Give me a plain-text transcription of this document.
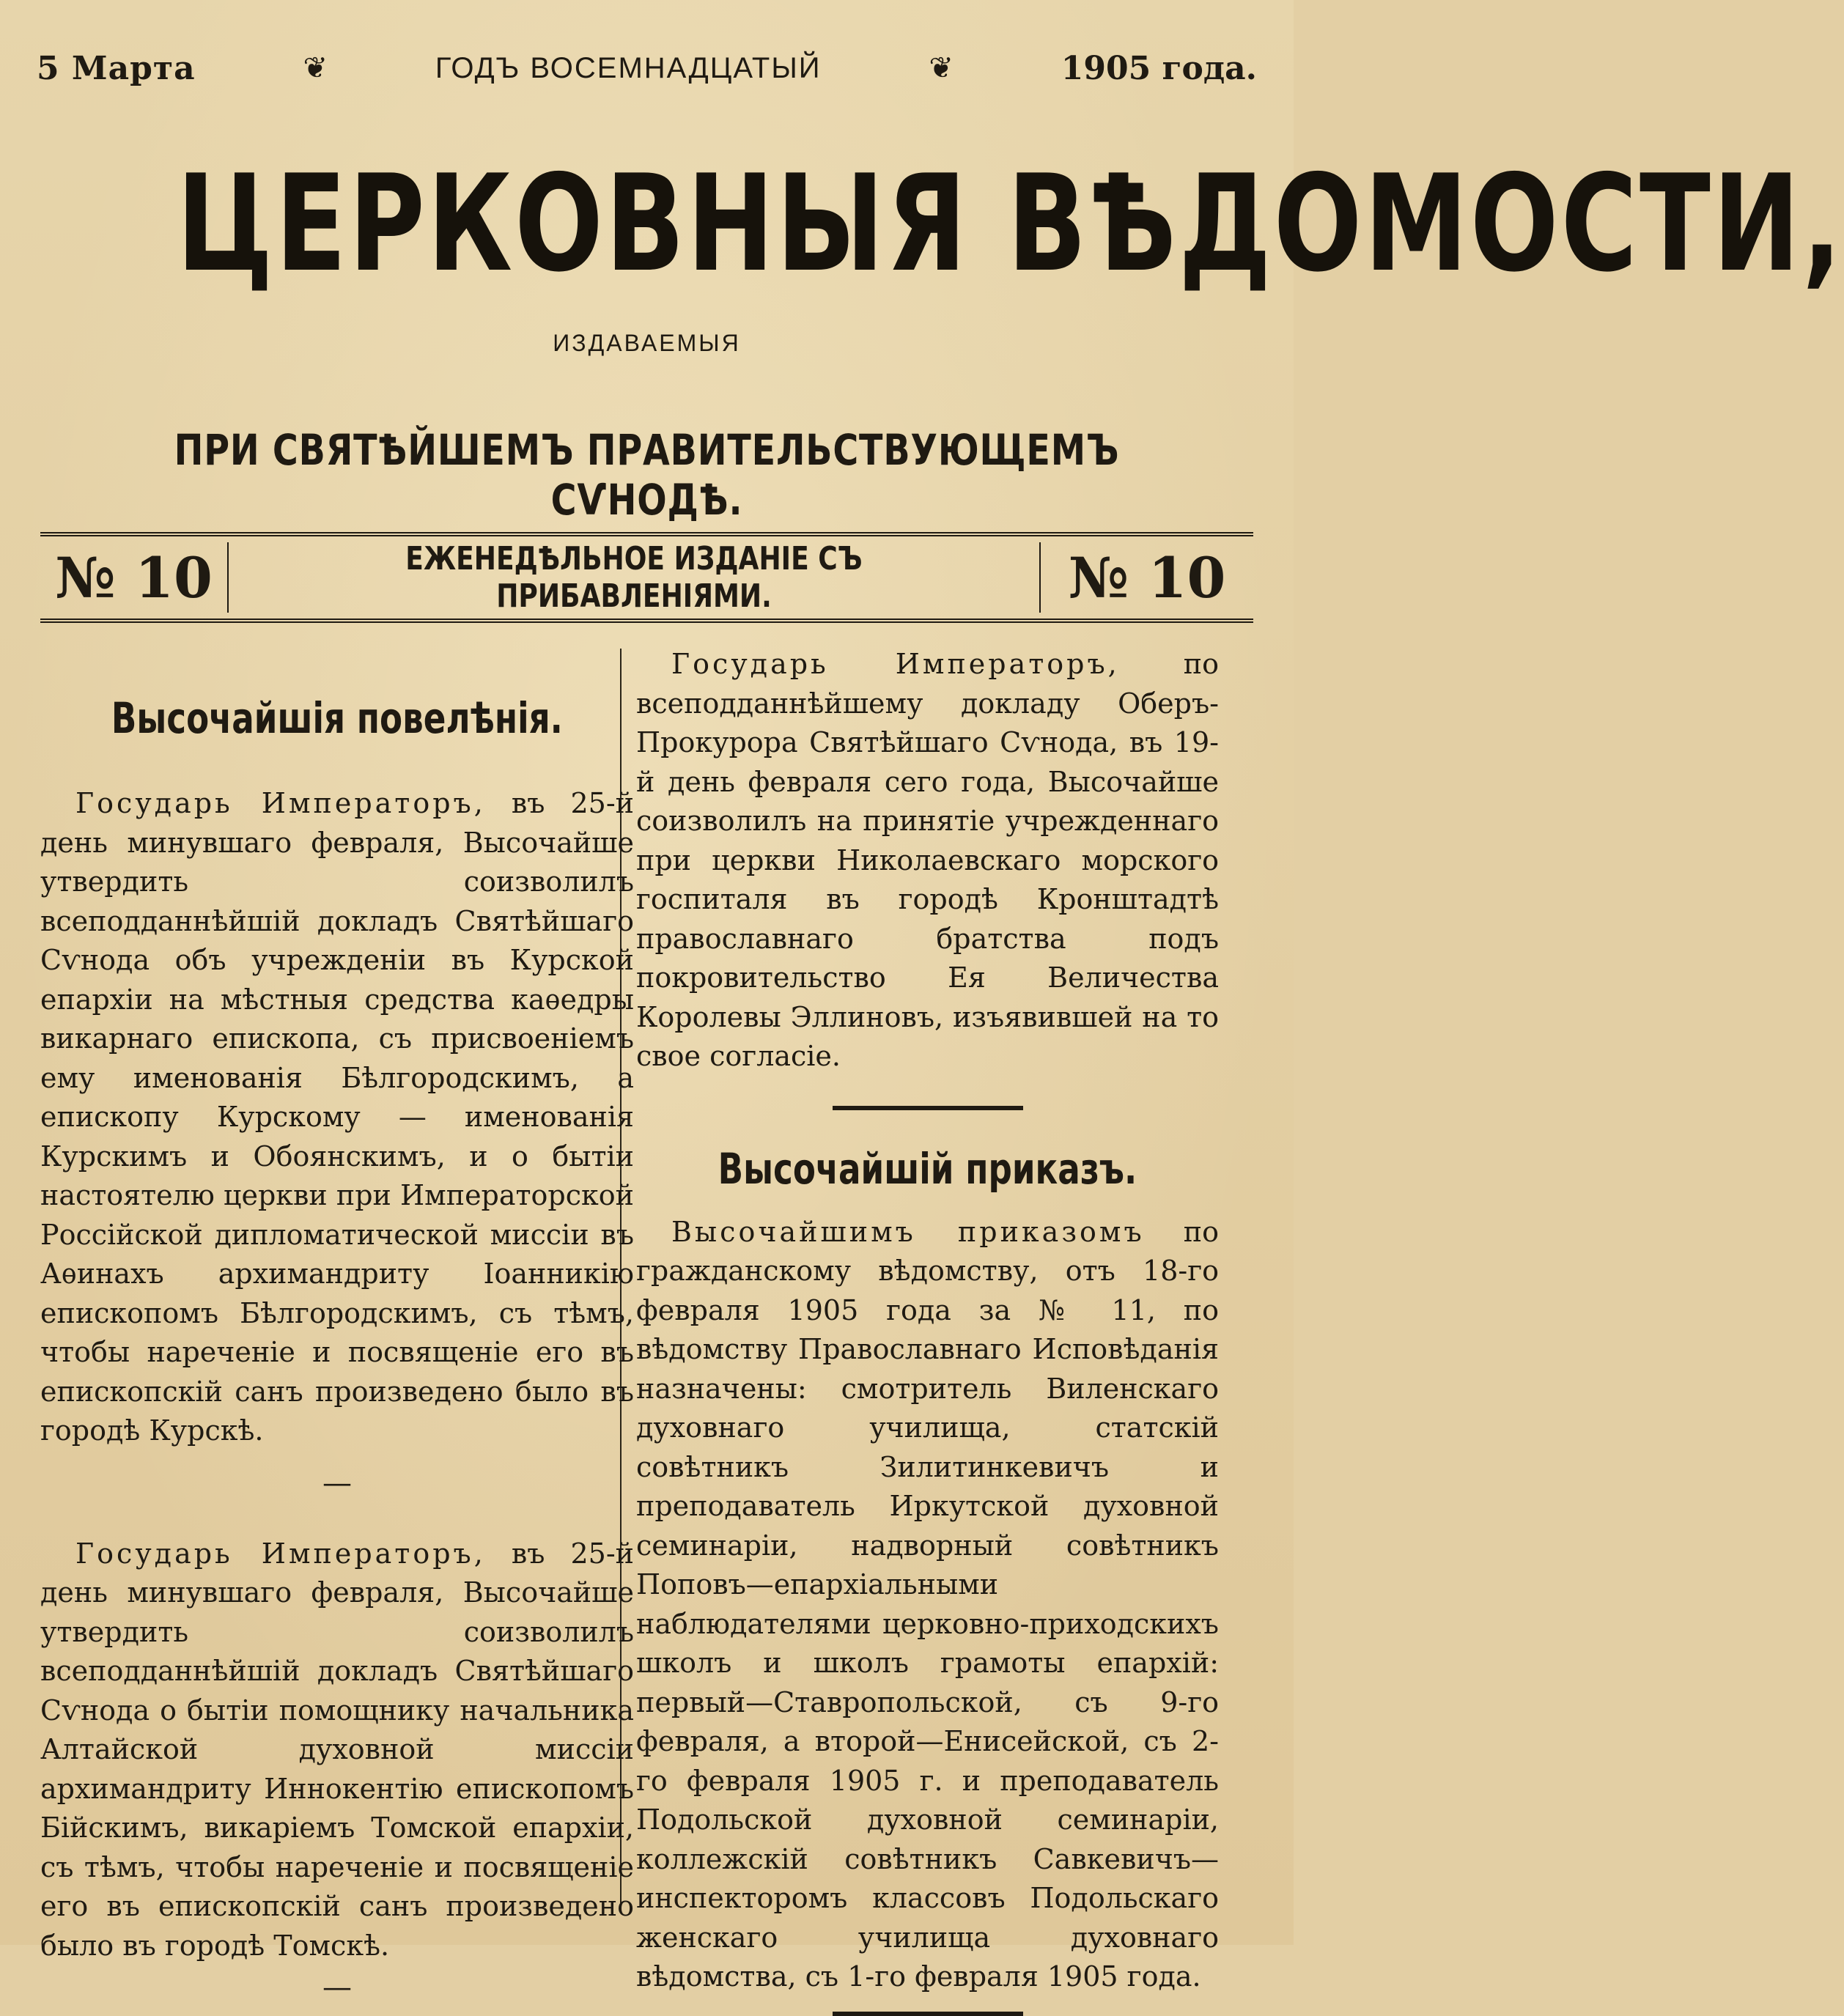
5 Марта	❦	ГОДЪ ВОСЕМНАДЦАТЫЙ	❦	1905 года.
ЦЕРКОВНЫЯ ВѢДОМОСТИ,
ИЗДАВАЕМЫЯ
ПРИ СВЯТѢЙШЕМЪ ПРАВИТЕЛЬСТВУЮЩЕМЪ СѴНОДѢ.
№ 10	ЕЖЕНЕДѢЛЬНОЕ ИЗДАНІЕ СЪ ПРИБАВЛЕНІЯМИ.	№ 10
Высочайшія повелѣнія.

Государь Императоръ, въ 25-й день минувшаго февраля, Высочайше утвердить соизволилъ всеподданнѣйшій докладъ Святѣйшаго Сѵнода объ учрежденіи въ Курской епархіи на мѣстныя средства каѳедры викарнаго епископа, съ присвоеніемъ ему именованія Бѣлгородскимъ, а епископу Курскому — именованія Курскимъ и Обоянскимъ, и о бытіи настоятелю церкви при Императорской Россійской дипломатической миссіи въ Аѳинахъ архимандриту Іоанникію епископомъ Бѣлгородскимъ, съ тѣмъ, чтобы нареченіе и посвященіе его въ епископскій санъ произведено было въ городѣ Курскѣ.

—

Государь Императоръ, въ 25-й день минувшаго февраля, Высочайше утвердить соизволилъ всеподданнѣйшій докладъ Святѣйшаго Сѵнода о бытіи помощнику начальника Алтайской духовной миссіи архимандриту Иннокентію епископомъ Бійскимъ, викаріемъ Томской епархіи, съ тѣмъ, чтобы нареченіе и посвященіе его въ епископскій санъ произведено было въ городѣ Томскѣ.

—

Государь Императоръ, по всеподданнѣйшему докладу Оберъ-Прокурора Святѣйшаго Сѵнода, въ 19-й день февраля сего года, Высочайше соизволилъ на принятіе учрежденнаго при церкви Николаевскаго морского госпиталя въ городѣ Кронштадтѣ православнаго братства подъ покровительство Ея Величества Королевы Эллиновъ, изъявившей на то свое согласіе.

Высочайшій приказъ.

Высочайшимъ приказомъ по гражданскому вѣдомству, отъ 18-го февраля 1905 года за № 11, по вѣдомству Православнаго Исповѣданія назначены: смотритель Виленскаго духовнаго училища, статскій совѣтникъ Зилитинкевичъ и преподаватель Иркутской духовной семинаріи, надворный совѣтникъ Поповъ—епархіальными наблюдателями церковно-приходскихъ школъ и школъ грамоты епархій: первый—Ставропольской, съ 9-го февраля, а второй—Енисейской, съ 2-го февраля 1905 г. и преподаватель Подольской духовной семинаріи, коллежскій совѣтникъ Савкевичъ—инспекторомъ классовъ Подольскаго женскаго училища духовнаго вѣдомства, съ 1-го февраля 1905 года.
